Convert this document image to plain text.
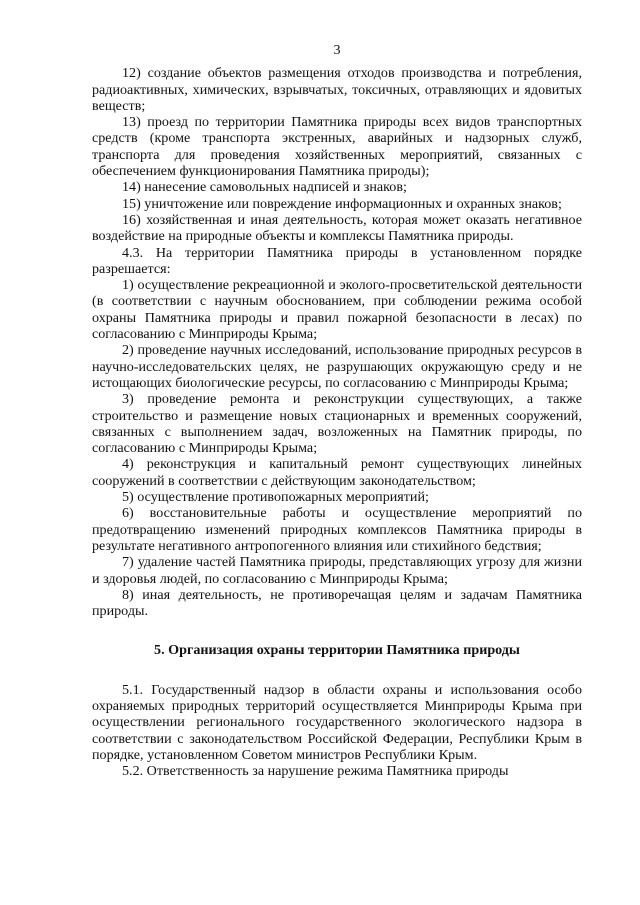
3

12) создание объектов размещения отходов производства и потребления, радиоактивных, химических, взрывчатых, токсичных, отравляющих и ядовитых веществ;

13) проезд по территории Памятника природы всех видов транспортных средств (кроме транспорта экстренных, аварийных и надзорных служб, транспорта для проведения хозяйственных мероприятий, связанных с обеспечением функционирования Памятника природы);

14) нанесение самовольных надписей и знаков;

15) уничтожение или повреждение информационных и охранных знаков;

16) хозяйственная и иная деятельность, которая может оказать негативное воздействие на природные объекты и комплексы Памятника природы.

4.3. На территории Памятника природы в установленном порядке разрешается:

1) осуществление рекреационной и эколого-просветительской деятельности (в соответствии с научным обоснованием, при соблюдении режима особой охраны Памятника природы и правил пожарной безопасности в лесах) по согласованию с Минприроды Крыма;

2) проведение научных исследований, использование природных ресурсов в научно-исследовательских целях, не разрушающих окружающую среду и не истощающих биологические ресурсы, по согласованию с Минприроды Крыма;

3) проведение ремонта и реконструкции существующих, а также строительство и размещение новых стационарных и временных сооружений, связанных с выполнением задач, возложенных на Памятник природы, по согласованию с Минприроды Крыма;

4) реконструкция и капитальный ремонт существующих линейных сооружений в соответствии с действующим законодательством;

5) осуществление противопожарных мероприятий;

6) восстановительные работы и осуществление мероприятий по предотвращению изменений природных комплексов Памятника природы в результате негативного антропогенного влияния или стихийного бедствия;

7) удаление частей Памятника природы, представляющих угрозу для жизни и здоровья людей, по согласованию с Минприроды Крыма;

8) иная деятельность, не противоречащая целям и задачам Памятника природы.

5. Организация охраны территории Памятника природы

5.1. Государственный надзор в области охраны и использования особо охраняемых природных территорий осуществляется Минприроды Крыма при осуществлении регионального государственного экологического надзора в соответствии с законодательством Российской Федерации, Республики Крым в порядке, установленном Советом министров Республики Крым.

5.2. Ответственность за нарушение режима Памятника природы
